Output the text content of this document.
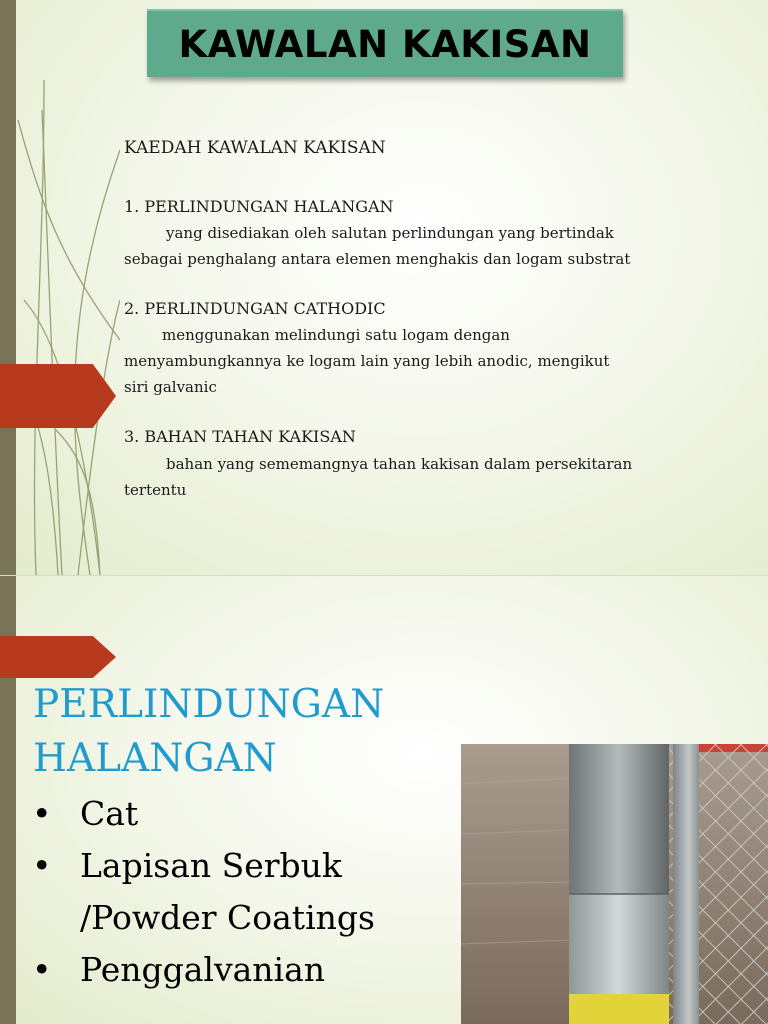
KAWALAN KAKISAN
KAEDAH KAWALAN KAKISAN
1. PERLINDUNGAN HALANGAN
yang disediakan oleh salutan perlindungan yang bertindak
sebagai penghalang antara elemen menghakis dan logam substrat
2. PERLINDUNGAN CATHODIC
menggunakan melindungi satu logam dengan
menyambungkannya ke logam lain yang lebih anodic, mengikut
siri galvanic
3. BAHAN TAHAN KAKISAN
bahan yang sememangnya tahan kakisan dalam persekitaran
tertentu
PERLINDUNGAN
HALANGAN
• Cat
• Lapisan Serbuk
/Powder Coatings
• Penggalvanian
